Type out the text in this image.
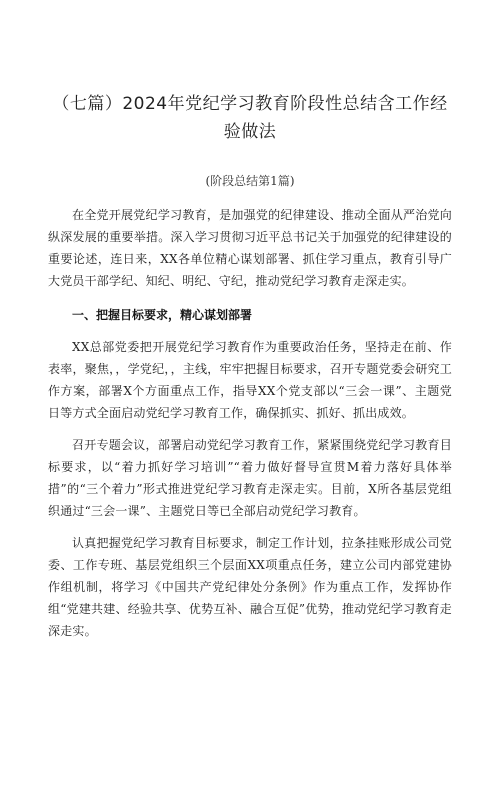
（七篇）2024年党纪学习教育阶段性总结含工作经
验做法
(阶段总结第1篇)

在全党开展党纪学习教育，是加强党的纪律建设、推动全面从严治党向纵深发展的重要举措。深入学习贯彻习近平总书记关于加强党的纪律建设的重要论述，连日来，XX各单位精心谋划部署、抓住学习重点，教育引导广大党员干部学纪、知纪、明纪、守纪，推动党纪学习教育走深走实。

一、把握目标要求，精心谋划部署

XX总部党委把开展党纪学习教育作为重要政治任务，坚持走在前、作表率，聚焦，，学党纪，，主线，牢牢把握目标要求，召开专题党委会研究工作方案，部署X个方面重点工作，指导XX个党支部以“三会一课”、主题党日等方式全面启动党纪学习教育工作，确保抓实、抓好、抓出成效。

召开专题会议，部署启动党纪学习教育工作，紧紧围绕党纪学习教育目标要求，以“着力抓好学习培训”“着力做好督导宣贯M着力落好具体举措”的“三个着力”形式推进党纪学习教育走深走实。目前，X所各基层党组织通过“三会一课”、主题党日等已全部启动党纪学习教育。

认真把握党纪学习教育目标要求，制定工作计划，拉条挂账形成公司党委、工作专班、基层党组织三个层面XX项重点任务，建立公司内部党建协作组机制，将学习《中国共产党纪律处分条例》作为重点工作，发挥协作组“党建共建、经验共享、优势互补、融合互促”优势，推动党纪学习教育走深走实。
